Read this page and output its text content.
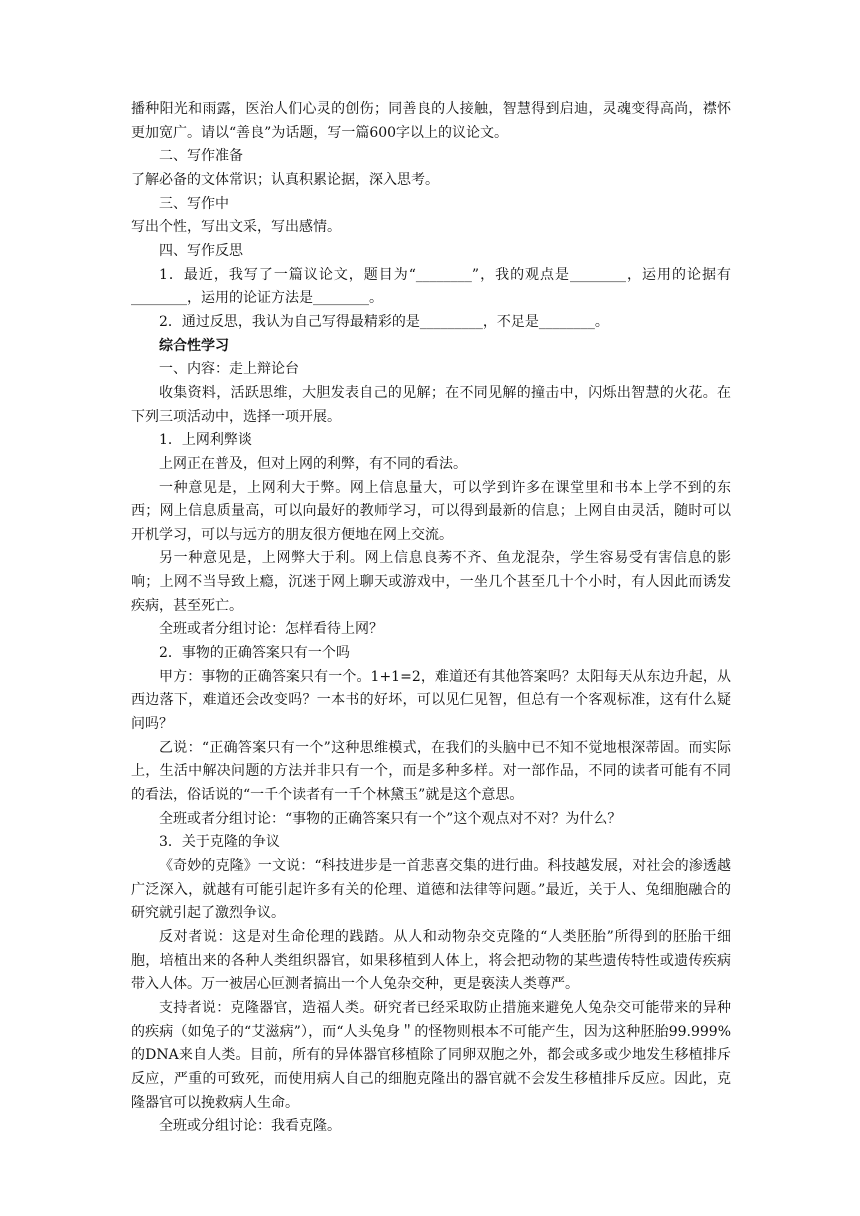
播种阳光和雨露，医治人们心灵的创伤；同善良的人接触，智慧得到启迪，灵魂变得高尚，襟怀更加宽广。请以“善良”为话题，写一篇600字以上的议论文。

二、写作准备

了解必备的文体常识；认真积累论据，深入思考。

三、写作中

写出个性，写出文采，写出感情。

四、写作反思

1．最近，我写了一篇议论文，题目为“________”，我的观点是________，运用的论据有________，运用的论证方法是________。

2．通过反思，我认为自己写得最精彩的是_________，不足是________。

综合性学习

一、内容：走上辩论台

收集资料，活跃思维，大胆发表自己的见解；在不同见解的撞击中，闪烁出智慧的火花。在下列三项活动中，选择一项开展。

1．上网利弊谈

上网正在普及，但对上网的利弊，有不同的看法。

一种意见是，上网利大于弊。网上信息量大，可以学到许多在课堂里和书本上学不到的东西；网上信息质量高，可以向最好的教师学习，可以得到最新的信息；上网自由灵活，随时可以开机学习，可以与远方的朋友很方便地在网上交流。

另一种意见是，上网弊大于利。网上信息良莠不齐、鱼龙混杂，学生容易受有害信息的影响；上网不当导致上瘾，沉迷于网上聊天或游戏中，一坐几个甚至几十个小时，有人因此而诱发疾病，甚至死亡。

全班或者分组讨论：怎样看待上网？

2．事物的正确答案只有一个吗

甲方：事物的正确答案只有一个。1+1=2，难道还有其他答案吗？太阳每天从东边升起，从西边落下，难道还会改变吗？一本书的好坏，可以见仁见智，但总有一个客观标准，这有什么疑问吗？

乙说：“正确答案只有一个”这种思维模式，在我们的头脑中已不知不觉地根深蒂固。而实际上，生活中解决问题的方法并非只有一个，而是多种多样。对一部作品，不同的读者可能有不同的看法，俗话说的“一千个读者有一千个林黛玉”就是这个意思。

全班或者分组讨论：“事物的正确答案只有一个”这个观点对不对？为什么？

3．关于克隆的争议

《奇妙的克隆》一文说：“科技进步是一首悲喜交集的进行曲。科技越发展，对社会的渗透越广泛深入，就越有可能引起许多有关的伦理、道德和法律等问题。”最近，关于人、兔细胞融合的研究就引起了激烈争议。

反对者说：这是对生命伦理的践踏。从人和动物杂交克隆的“人类胚胎”所得到的胚胎干细胞，培植出来的各种人类组织器官，如果移植到人体上，将会把动物的某些遗传特性或遗传疾病带入人体。万一被居心叵测者搞出一个人兔杂交种，更是亵渎人类尊严。

支持者说：克隆器官，造福人类。研究者已经采取防止措施来避免人兔杂交可能带来的异种的疾病（如兔子的“艾滋病”），而“人头兔身＂的怪物则根本不可能产生，因为这种胚胎99.999%的DNA来自人类。目前，所有的异体器官移植除了同卵双胞之外，都会或多或少地发生移植排斥反应，严重的可致死，而使用病人自己的细胞克隆出的器官就不会发生移植排斥反应。因此，克隆器官可以挽救病人生命。

全班或分组讨论：我看克隆。
